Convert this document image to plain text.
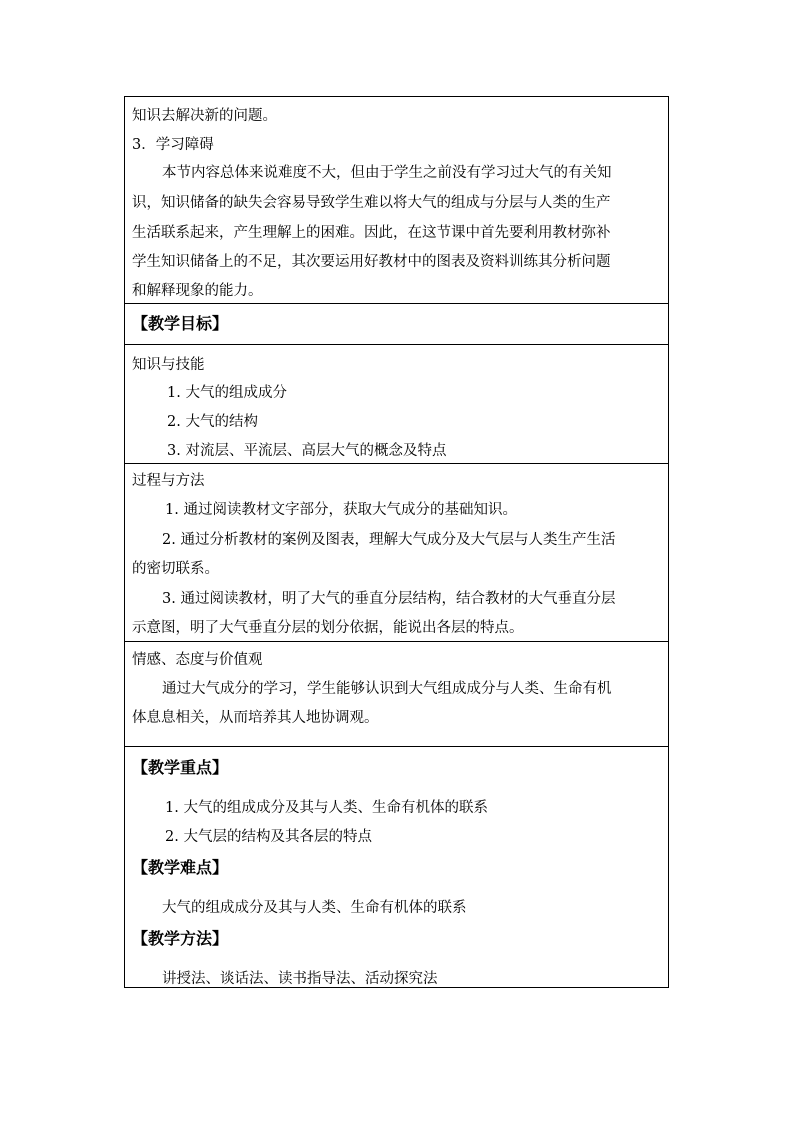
知识去解决新的问题。
3．学习障碍
本节内容总体来说难度不大，但由于学生之前没有学习过大气的有关知
识，知识储备的缺失会容易导致学生难以将大气的组成与分层与人类的生产
生活联系起来，产生理解上的困难。因此，在这节课中首先要利用教材弥补
学生知识储备上的不足，其次要运用好教材中的图表及资料训练其分析问题
和解释现象的能力。
【教学目标】
知识与技能
1. 大气的组成成分
2. 大气的结构
3. 对流层、平流层、高层大气的概念及特点
过程与方法
1. 通过阅读教材文字部分，获取大气成分的基础知识。
2. 通过分析教材的案例及图表，理解大气成分及大气层与人类生产生活
的密切联系。
3. 通过阅读教材，明了大气的垂直分层结构，结合教材的大气垂直分层
示意图，明了大气垂直分层的划分依据，能说出各层的特点。
情感、态度与价值观
通过大气成分的学习，学生能够认识到大气组成成分与人类、生命有机
体息息相关，从而培养其人地协调观。
【教学重点】
1. 大气的组成成分及其与人类、生命有机体的联系
2. 大气层的结构及其各层的特点
【教学难点】
大气的组成成分及其与人类、生命有机体的联系
【教学方法】
讲授法、谈话法、读书指导法、活动探究法
